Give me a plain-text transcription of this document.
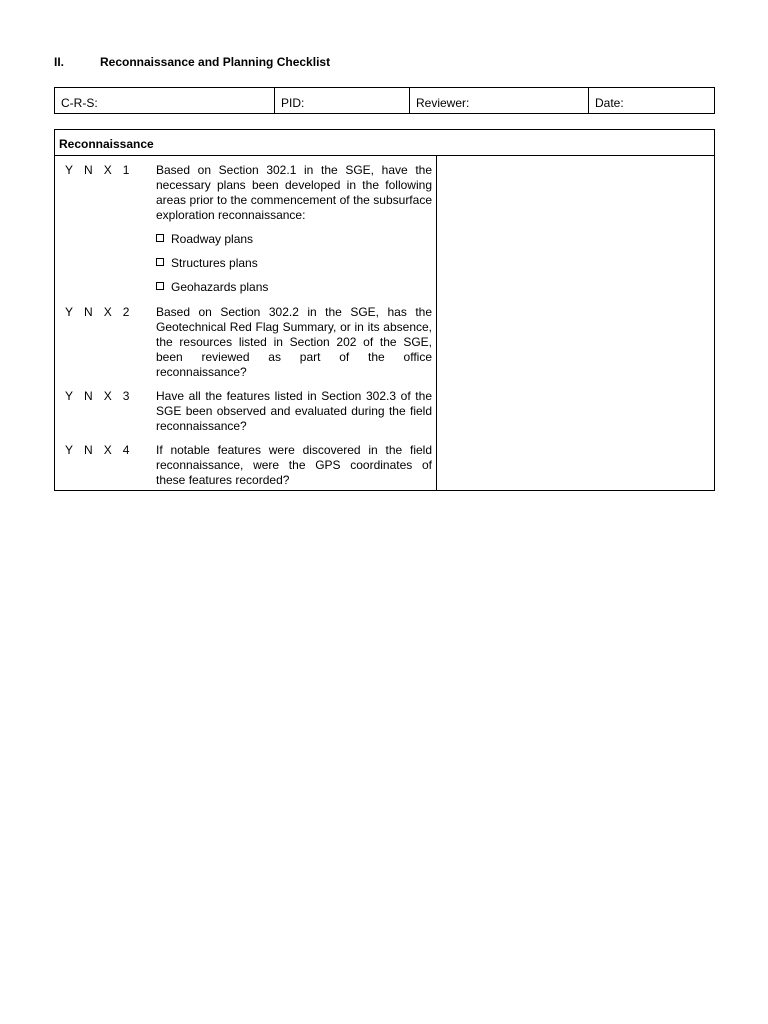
II.	Reconnaissance and Planning Checklist
C-R-S:	PID:	Reviewer:	Date:
Reconnaissance
Y N X 1	Based on Section 302.1 in the SGE, have the necessary plans been developed in the following areas prior to the commencement of the subsurface exploration reconnaissance:
Roadway plans
Structures plans
Geohazards plans
Y N X 2	Based on Section 302.2 in the SGE, has the Geotechnical Red Flag Summary, or in its absence, the resources listed in Section 202 of the SGE, been reviewed as part of the office reconnaissance?
Y N X 3	Have all the features listed in Section 302.3 of the SGE been observed and evaluated during the field reconnaissance?
Y N X 4	If notable features were discovered in the field reconnaissance, were the GPS coordinates of these features recorded?
